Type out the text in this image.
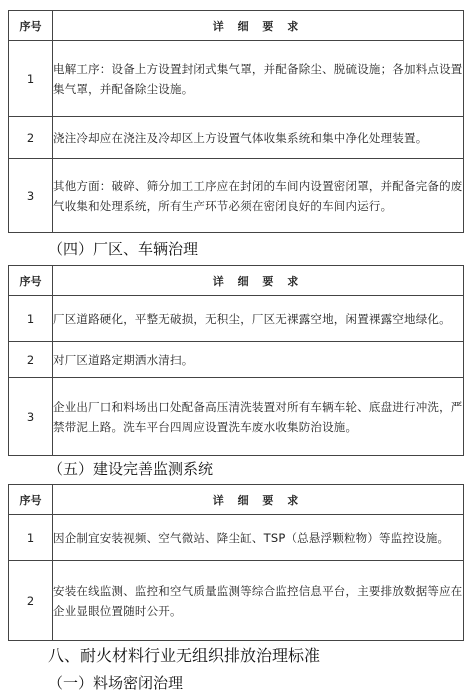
序号	详 细 要 求
1	电解工序：设备上方设置封闭式集气罩，并配备除尘、脱硫设施；各加料点设置集气罩，并配备除尘设施。
2	浇注冷却应在浇注及冷却区上方设置气体收集系统和集中净化处理装置。
3	其他方面：破碎、筛分加工工序应在封闭的车间内设置密闭罩，并配备完备的废气收集和处理系统，所有生产环节必须在密闭良好的车间内运行。
（四）厂区、车辆治理
序号	详 细 要 求
1	厂区道路硬化，平整无破损，无积尘，厂区无裸露空地，闲置裸露空地绿化。
2	对厂区道路定期洒水清扫。
3	企业出厂口和料场出口处配备高压清洗装置对所有车辆车轮、底盘进行冲洗，严禁带泥上路。洗车平台四周应设置洗车废水收集防治设施。
（五）建设完善监测系统
序号	详 细 要 求
1	因企制宜安装视频、空气微站、降尘缸、TSP（总悬浮颗粒物）等监控设施。
2	安装在线监测、监控和空气质量监测等综合监控信息平台，主要排放数据等应在企业显眼位置随时公开。
八、耐火材料行业无组织排放治理标准
（一）料场密闭治理
